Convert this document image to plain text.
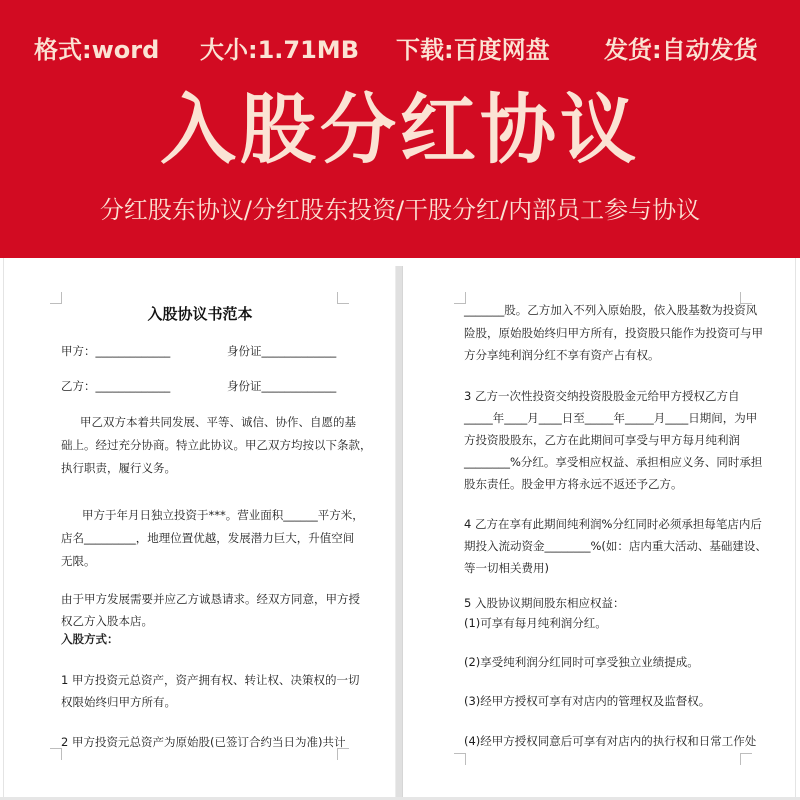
格式:word 大小:1.71MB 下载:百度网盘 发货:自动发货
入股分红协议
分红股东协议/分红股东投资/干股分红/内部员工参与协议
入股协议书范本
甲方：_____________	身份证_____________
乙方：_____________	身份证_____________
甲乙双方本着共同发展、平等、诚信、协作、自愿的基
础上。经过充分协商。特立此协议。甲乙双方均按以下条款，
执行职责，履行义务。
甲方于年月日独立投资于***。营业面积______平方米，
店名_________，地理位置优越，发展潜力巨大，升值空间
无限。
由于甲方发展需要并应乙方诚恳请求。经双方同意，甲方授
权乙方入股本店。
入股方式：
1 甲方投资元总资产，资产拥有权、转让权、决策权的一切
权限始终归甲方所有。
2 甲方投资元总资产为原始股(已签订合约当日为准)共计
_______股。乙方加入不列入原始股，依入股基数为投资风
险股，原始股始终归甲方所有，投资股只能作为投资可与甲
方分享纯利润分红不享有资产占有权。
3 乙方一次性投资交纳投资股股金元给甲方授权乙方自
_____年____月____日至_____年_____月____日期间，为甲
方投资股股东，乙方在此期间可享受与甲方每月纯利润
________%分红。享受相应权益、承担相应义务、同时承担
股东责任。股金甲方将永远不返还予乙方。
4 乙方在享有此期间纯利润%分红同时必须承担每笔店内后
期投入流动资金________%(如：店内重大活动、基础建设、
等一切相关费用)
5 入股协议期间股东相应权益：
(1)可享有每月纯利润分红。
(2)享受纯利润分红同时可享受独立业绩提成。
(3)经甲方授权可享有对店内的管理权及监督权。
(4)经甲方授权同意后可享有对店内的执行权和日常工作处
